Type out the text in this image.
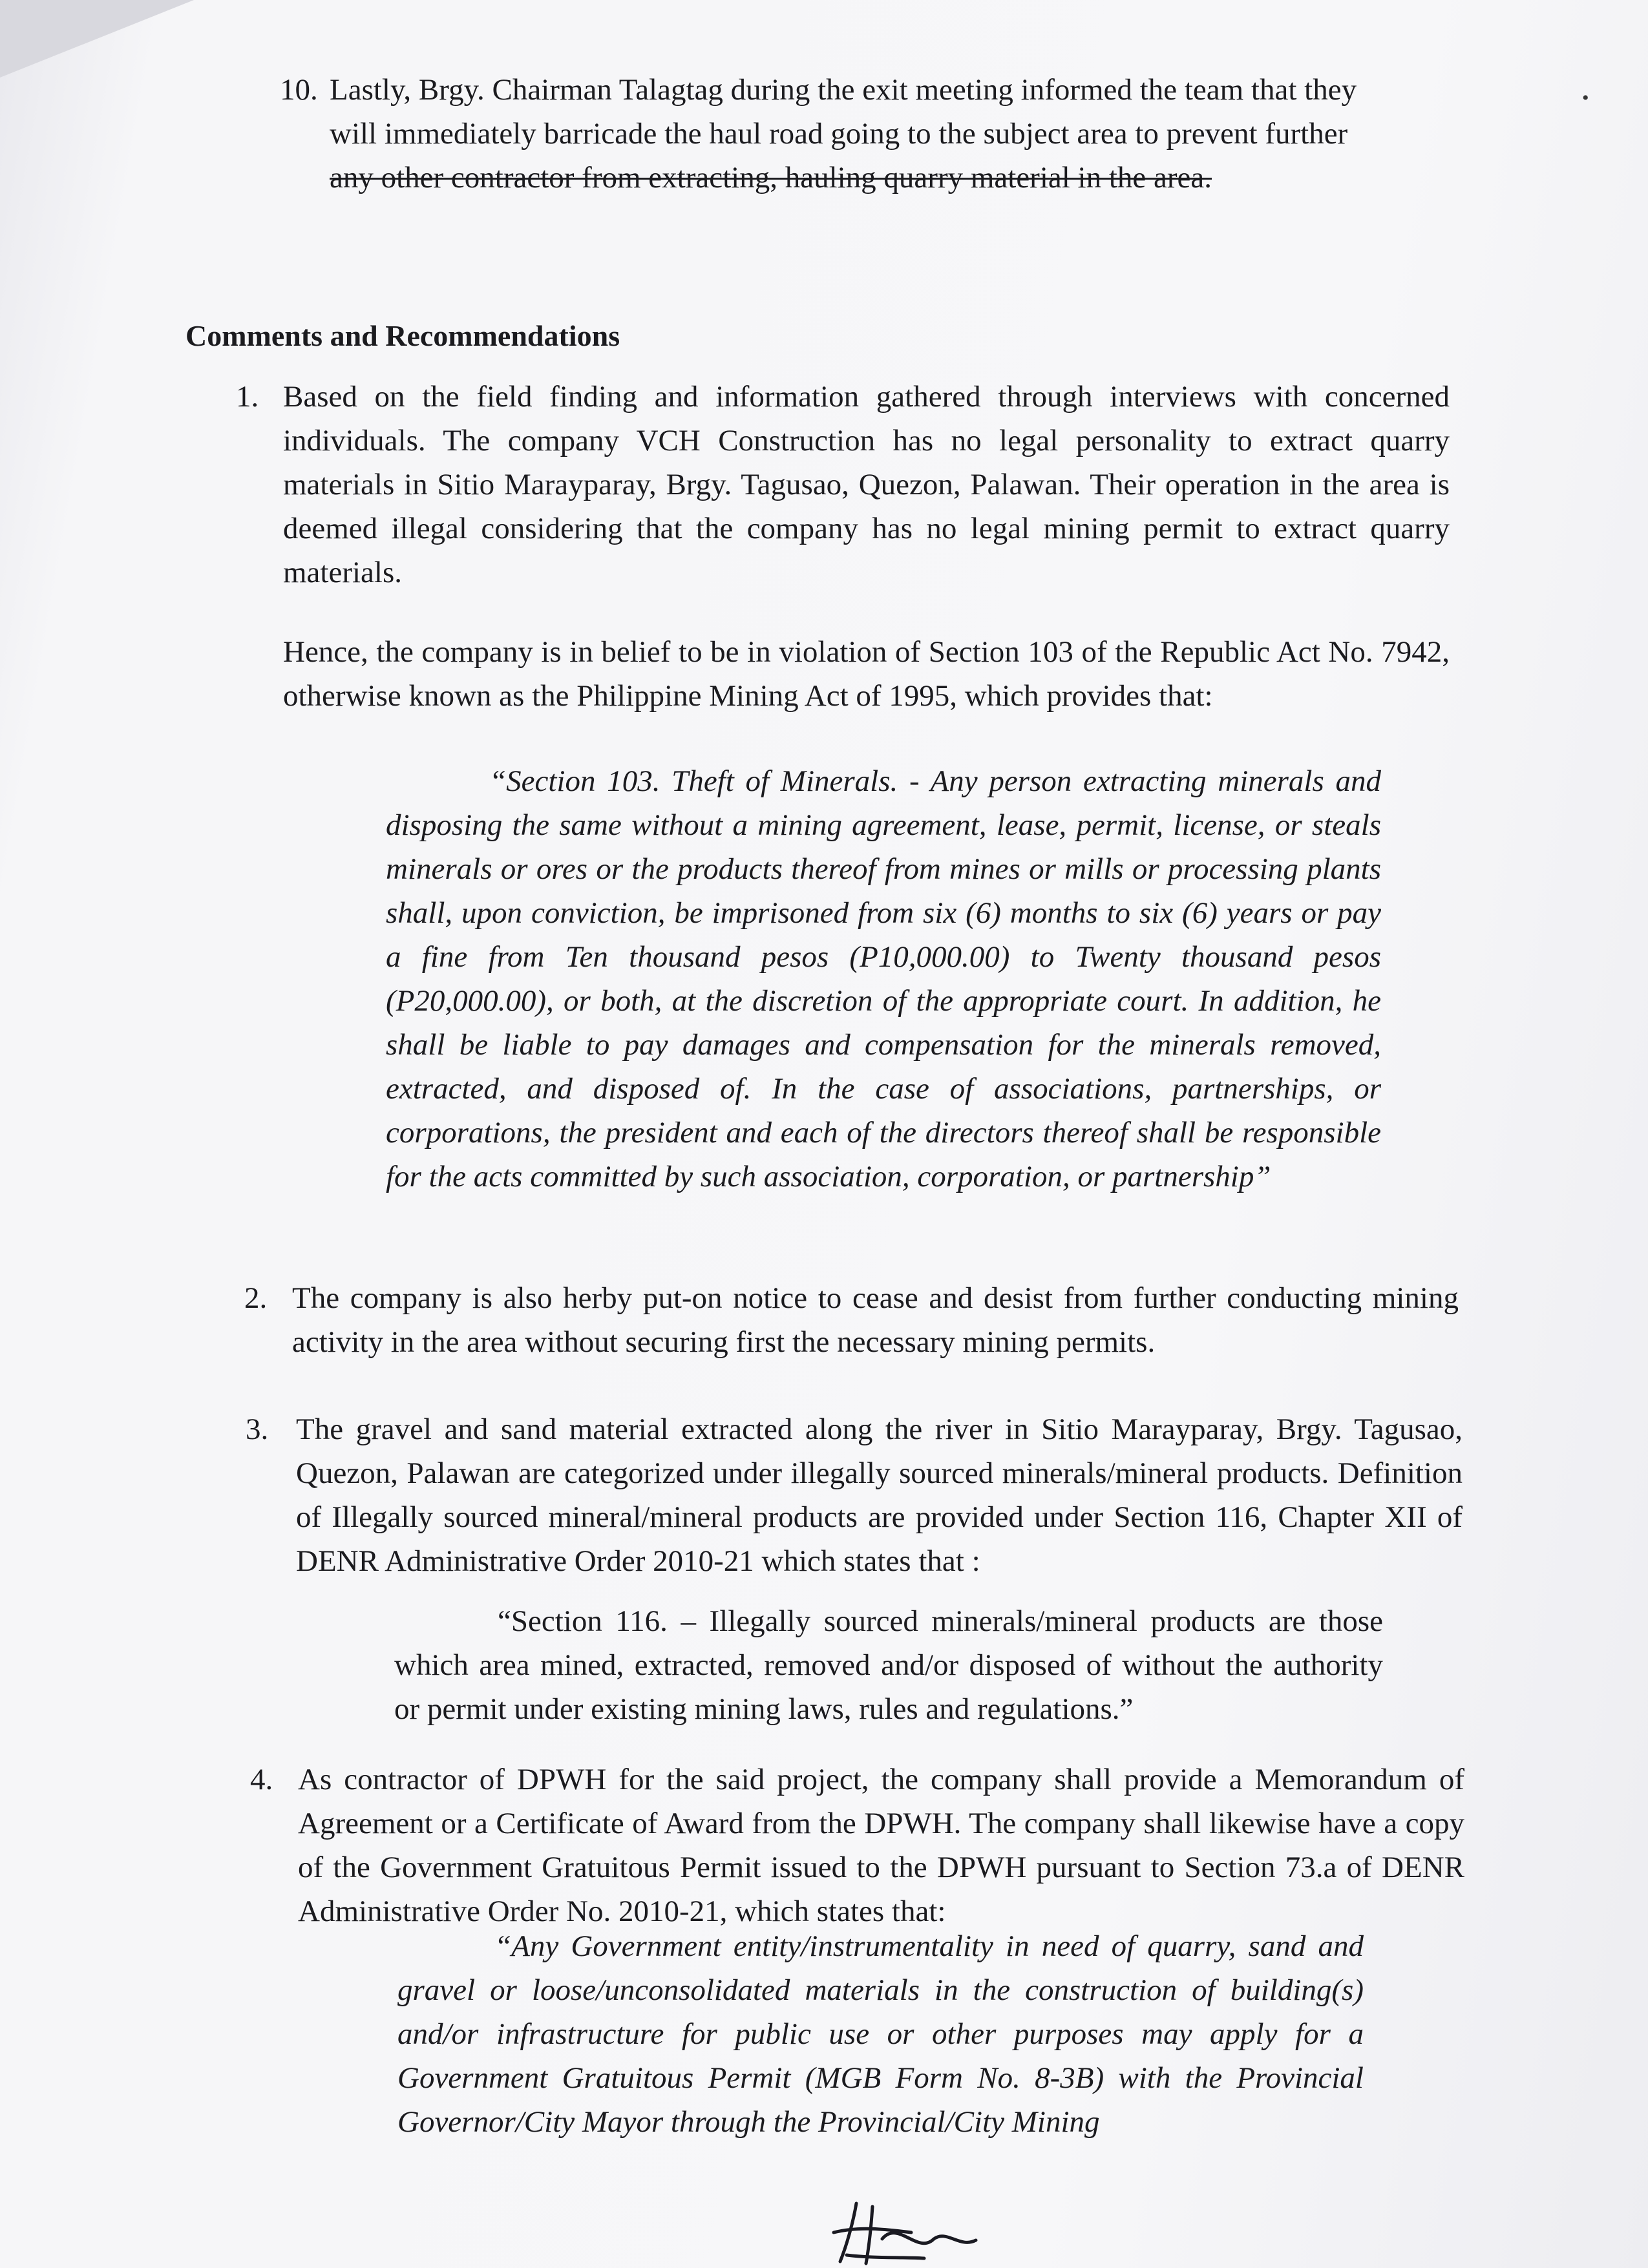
10. Lastly, Brgy. Chairman Talagtag during the exit meeting informed the team that they
will immediately barricade the haul road going to the subject area to prevent further
any other contractor from extracting, hauling quarry material in the area.
Comments and Recommendations
1. Based on the field finding and information gathered through interviews with concerned individuals. The company VCH Construction has no legal personality to extract quarry materials in Sitio Marayparay, Brgy. Tagusao, Quezon, Palawan. Their operation in the area is deemed illegal considering that the company has no legal mining permit to extract quarry materials.
Hence, the company is in belief to be in violation of Section 103 of the Republic Act No. 7942, otherwise known as the Philippine Mining Act of 1995, which provides that:
“Section 103. Theft of Minerals. - Any person extracting minerals and disposing the same without a mining agreement, lease, permit, license, or steals minerals or ores or the products thereof from mines or mills or processing plants shall, upon conviction, be imprisoned from six (6) months to six (6) years or pay a fine from Ten thousand pesos (P10,000.00) to Twenty thousand pesos (P20,000.00), or both, at the discretion of the appropriate court. In addition, he shall be liable to pay damages and compensation for the minerals removed, extracted, and disposed of. In the case of associations, partnerships, or corporations, the president and each of the directors thereof shall be responsible for the acts committed by such association, corporation, or partnership”
2. The company is also herby put-on notice to cease and desist from further conducting mining activity in the area without securing first the necessary mining permits.
3. The gravel and sand material extracted along the river in Sitio Marayparay, Brgy. Tagusao, Quezon, Palawan are categorized under illegally sourced minerals/mineral products. Definition of Illegally sourced mineral/mineral products are provided under Section 116, Chapter XII of DENR Administrative Order 2010-21 which states that :
“Section 116. – Illegally sourced minerals/mineral products are those which area mined, extracted, removed and/or disposed of without the authority or permit under existing mining laws, rules and regulations.”
4. As contractor of DPWH for the said project, the company shall provide a Memorandum of Agreement or a Certificate of Award from the DPWH. The company shall likewise have a copy of the Government Gratuitous Permit issued to the DPWH pursuant to Section 73.a of DENR Administrative Order No. 2010-21, which states that:
“Any Government entity/instrumentality in need of quarry, sand and gravel or loose/unconsolidated materials in the construction of building(s) and/or infrastructure for public use or other purposes may apply for a Government Gratuitous Permit (MGB Form No. 8-3B) with the Provincial Governor/City Mayor through the Provincial/City Mining
•
